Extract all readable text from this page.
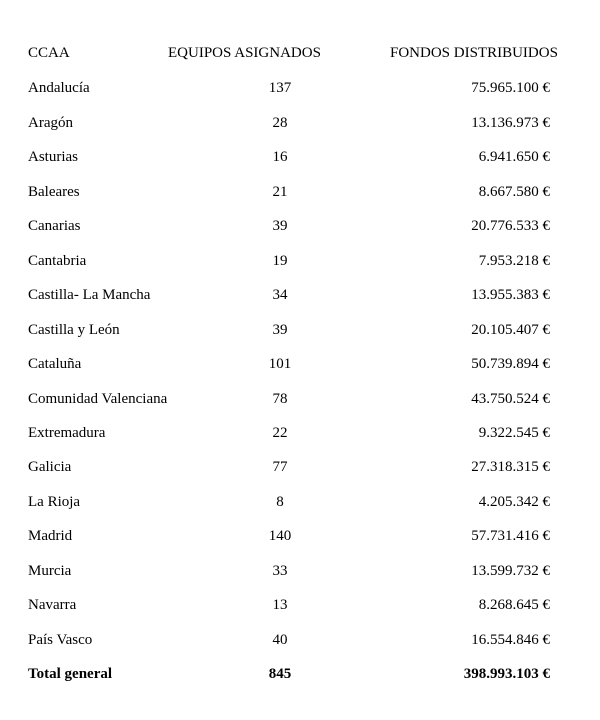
CCAA	EQUIPOS ASIGNADOS	FONDOS DISTRIBUIDOS
Andalucía	137	75.965.100 €
Aragón	28	13.136.973 €
Asturias	16	6.941.650 €
Baleares	21	8.667.580 €
Canarias	39	20.776.533 €
Cantabria	19	7.953.218 €
Castilla- La Mancha	34	13.955.383 €
Castilla y León	39	20.105.407 €
Cataluña	101	50.739.894 €
Comunidad Valenciana	78	43.750.524 €
Extremadura	22	9.322.545 €
Galicia	77	27.318.315 €
La Rioja	8	4.205.342 €
Madrid	140	57.731.416 €
Murcia	33	13.599.732 €
Navarra	13	8.268.645 €
País Vasco	40	16.554.846 €
Total general	845	398.993.103 €
